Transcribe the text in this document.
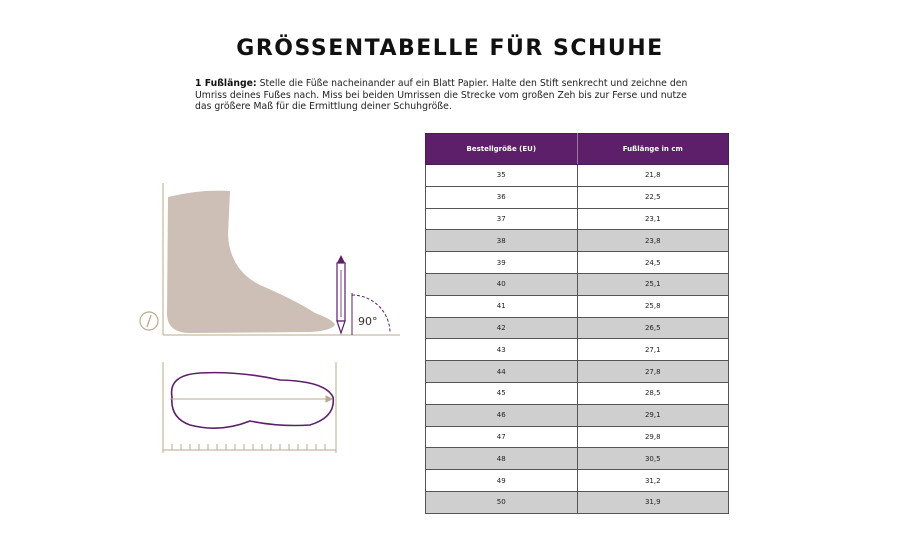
GRÖSSENTABELLE FÜR SCHUHE
1 Fußlänge: Stelle die Füße nacheinander auf ein Blatt Papier. Halte den Stift senkrecht und zeichne den Umriss deines Fußes nach. Miss bei beiden Umrissen die Strecke vom großen Zeh bis zur Ferse und nutze das größere Maß für die Ermittlung deiner Schuhgröße.
90°
Bestellgröße (EU)	Fußlänge in cm
35	21,8
36	22,5
37	23,1
38	23,8
39	24,5
40	25,1
41	25,8
42	26,5
43	27,1
44	27,8
45	28,5
46	29,1
47	29,8
48	30,5
49	31,2
50	31,9
